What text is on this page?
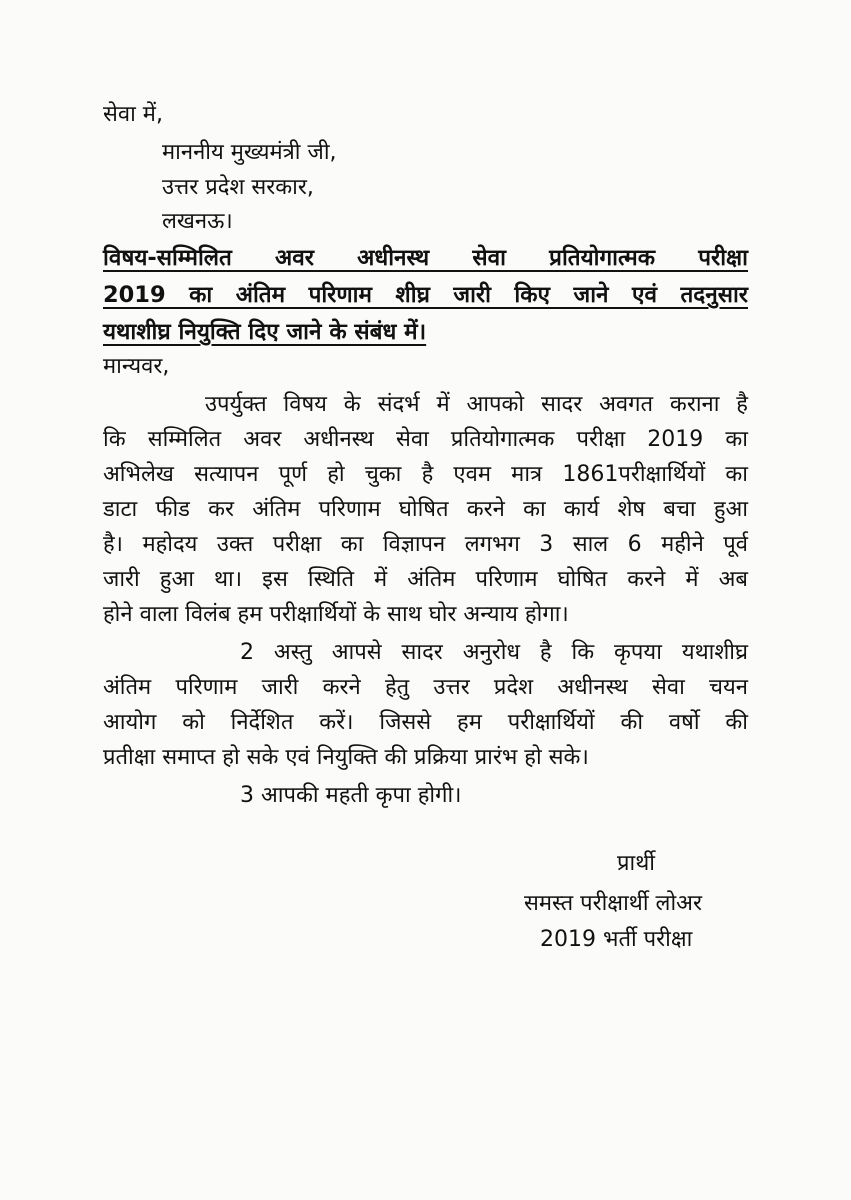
सेवा में,
माननीय मुख्यमंत्री जी,
उत्तर प्रदेश सरकार,
लखनऊ।
विषय-सम्मिलित अवर अधीनस्थ सेवा प्रतियोगात्मक परीक्षा
2019 का अंतिम परिणाम शीघ्र जारी किए जाने एवं तदनुसार
यथाशीघ्र नियुक्ति दिए जाने के संबंध में।
मान्यवर,
उपर्युक्त विषय के संदर्भ में आपको सादर अवगत कराना है
कि सम्मिलित अवर अधीनस्थ सेवा प्रतियोगात्मक परीक्षा 2019 का
अभिलेख सत्यापन पूर्ण हो चुका है एवम मात्र 1861परीक्षार्थियों का
डाटा फीड कर अंतिम परिणाम घोषित करने का कार्य शेष बचा हुआ
है। महोदय उक्त परीक्षा का विज्ञापन लगभग 3 साल 6 महीने पूर्व
जारी हुआ था। इस स्थिति में अंतिम परिणाम घोषित करने में अब
होने वाला विलंब हम परीक्षार्थियों के साथ घोर अन्याय होगा।
2 अस्तु आपसे सादर अनुरोध है कि कृपया यथाशीघ्र
अंतिम परिणाम जारी करने हेतु उत्तर प्रदेश अधीनस्थ सेवा चयन
आयोग को निर्देशित करें। जिससे हम परीक्षार्थियों की वर्षो की
प्रतीक्षा समाप्त हो सके एवं नियुक्ति की प्रक्रिया प्रारंभ हो सके।
3 आपकी महती कृपा होगी।
प्रार्थी
समस्त परीक्षार्थी लोअर
2019 भर्ती परीक्षा
